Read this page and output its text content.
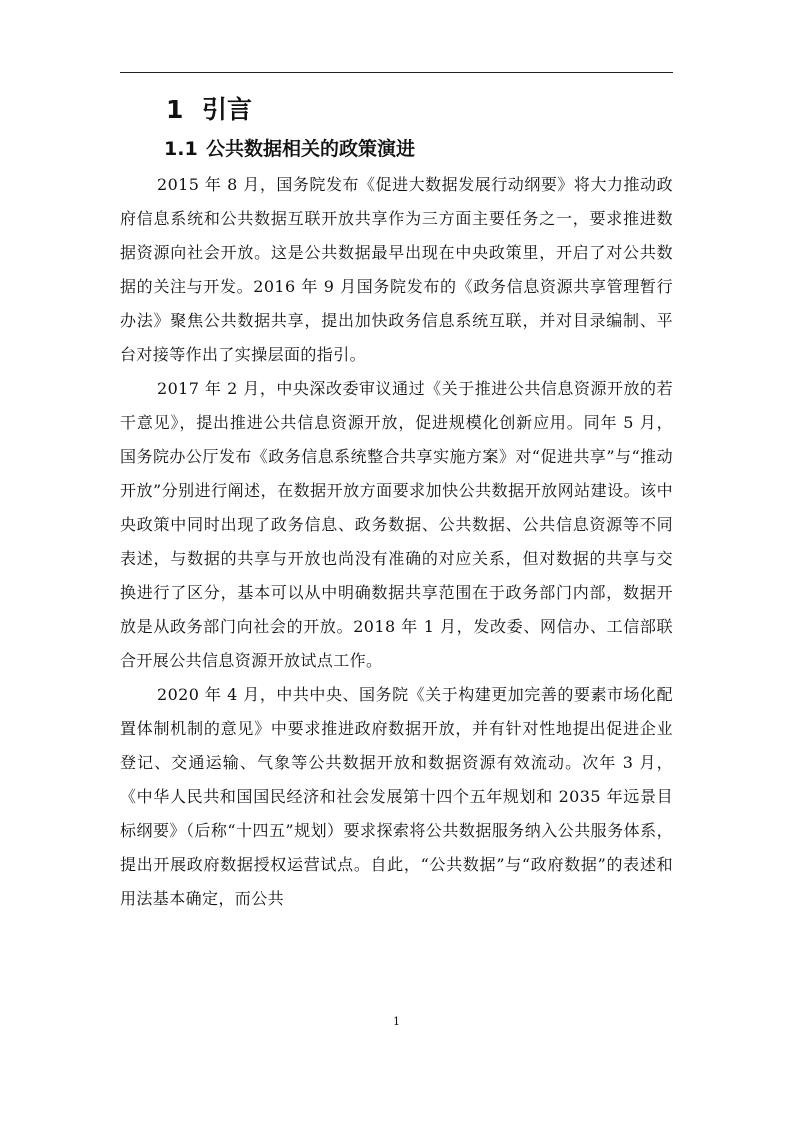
1 引言
1.1 公共数据相关的政策演进

2015 年 8 月，国务院发布《促进大数据发展行动纲要》将大力推动政府信息系统和公共数据互联开放共享作为三方面主要任务之一，要求推进数据资源向社会开放。这是公共数据最早出现在中央政策里，开启了对公共数据的关注与开发。2016 年 9 月国务院发布的《政务信息资源共享管理暂行办法》聚焦公共数据共享，提出加快政务信息系统互联，并对目录编制、平台对接等作出了实操层面的指引。

2017 年 2 月，中央深改委审议通过《关于推进公共信息资源开放的若干意见》，提出推进公共信息资源开放，促进规模化创新应用。同年 5 月，国务院办公厅发布《政务信息系统整合共享实施方案》对“促进共享”与“推动开放”分别进行阐述，在数据开放方面要求加快公共数据开放网站建设。该中央政策中同时出现了政务信息、政务数据、公共数据、公共信息资源等不同表述，与数据的共享与开放也尚没有准确的对应关系，但对数据的共享与交换进行了区分，基本可以从中明确数据共享范围在于政务部门内部，数据开放是从政务部门向社会的开放。2018 年 1 月，发改委、网信办、工信部联合开展公共信息资源开放试点工作。

2020 年 4 月，中共中央、国务院《关于构建更加完善的要素市场化配置体制机制的意见》中要求推进政府数据开放，并有针对性地提出促进企业登记、交通运输、气象等公共数据开放和数据资源有效流动。次年 3 月，《中华人民共和国国民经济和社会发展第十四个五年规划和 2035 年远景目标纲要》（后称“十四五”规划）要求探索将公共数据服务纳入公共服务体系，提出开展政府数据授权运营试点。自此，“公共数据”与“政府数据”的表述和用法基本确定，而公共

1
